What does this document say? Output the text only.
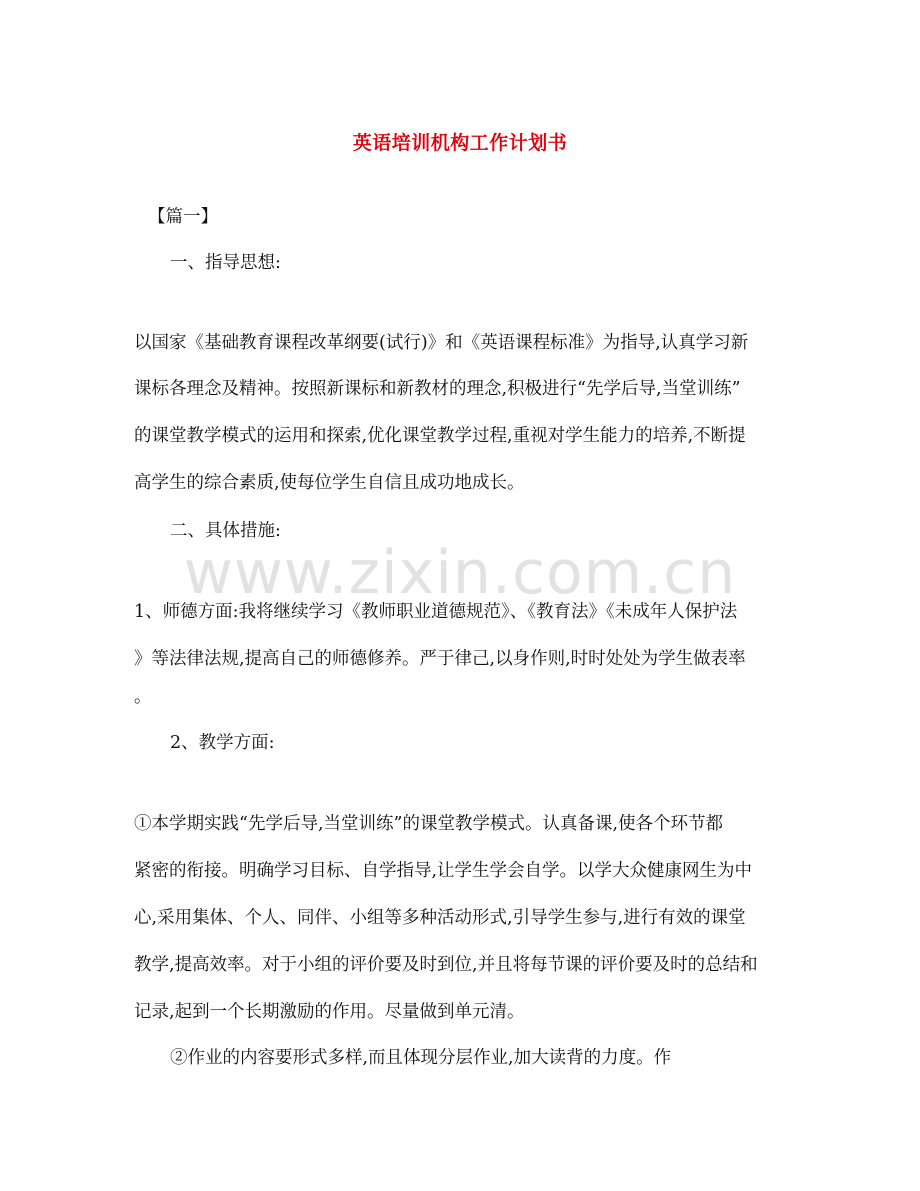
英语培训机构工作计划书
【篇一】
一、指导思想:
以国家《基础教育课程改革纲要(试行)》和《英语课程标准》为指导,认真学习新
课标各理念及精神。按照新课标和新教材的理念,积极进行“先学后导,当堂训练”
的课堂教学模式的运用和探索,优化课堂教学过程,重视对学生能力的培养,不断提
高学生的综合素质,使每位学生自信且成功地成长。
二、具体措施:
1、师德方面:我将继续学习《教师职业道德规范》、《教育法》《未成年人保护法
》等法律法规,提高自己的师德修养。严于律己,以身作则,时时处处为学生做表率
。
2、教学方面:
①本学期实践“先学后导,当堂训练”的课堂教学模式。认真备课,使各个环节都
紧密的衔接。明确学习目标、自学指导,让学生学会自学。以学大众健康网生为中
心,采用集体、个人、同伴、小组等多种活动形式,引导学生参与,进行有效的课堂
教学,提高效率。对于小组的评价要及时到位,并且将每节课的评价要及时的总结和
记录,起到一个长期激励的作用。尽量做到单元清。
②作业的内容要形式多样,而且体现分层作业,加大读背的力度。作
www.zixin.com.cn
